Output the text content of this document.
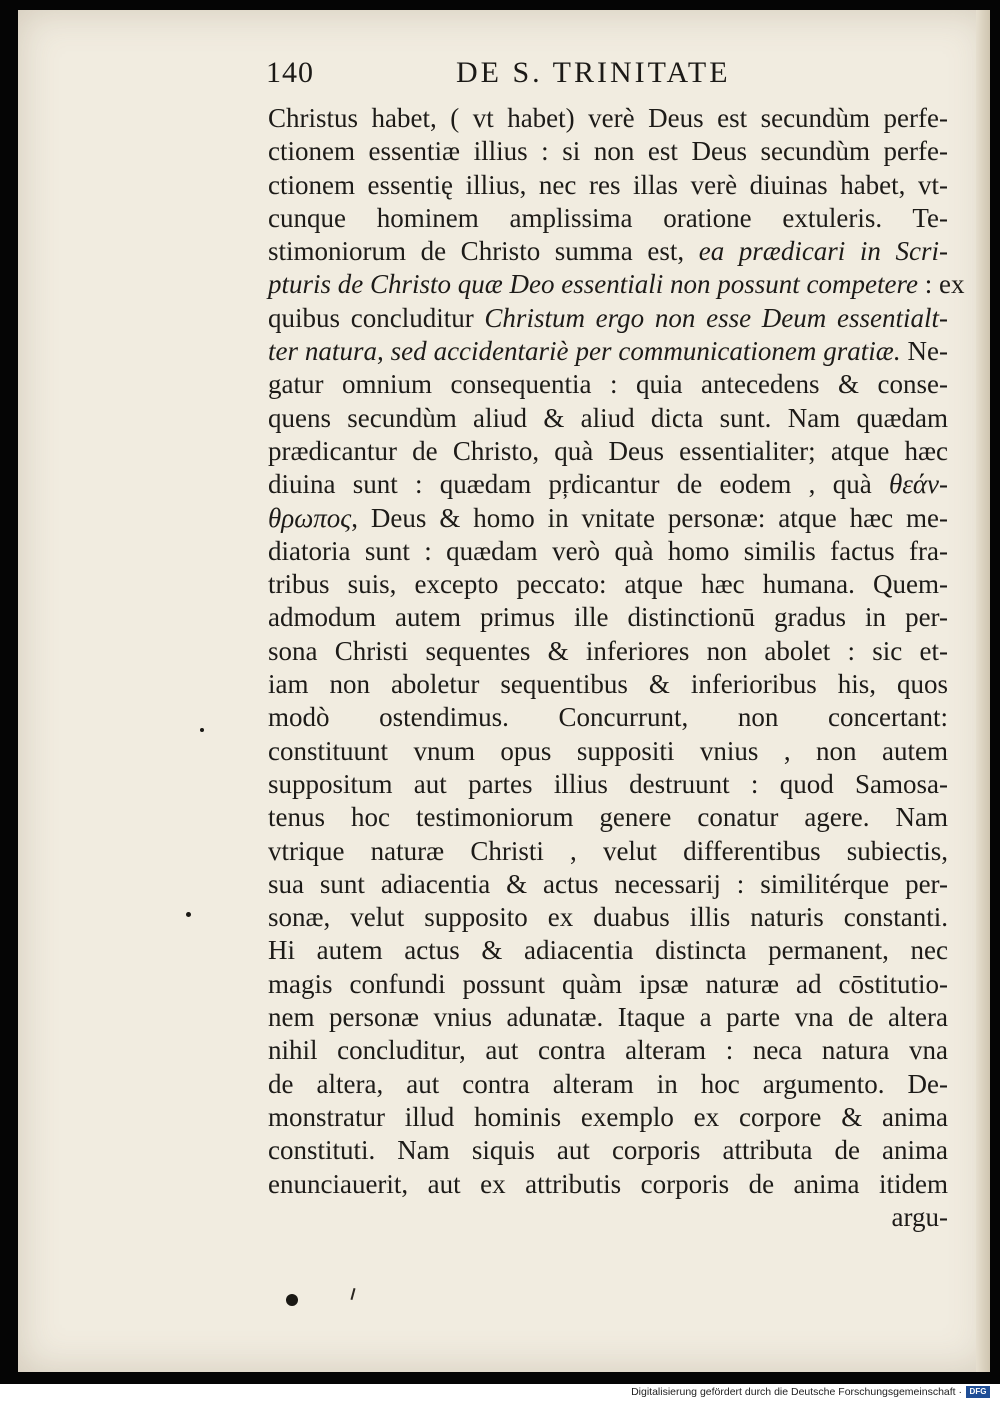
140	DE S. TRINITATE
Christus habet, ( vt habet) verè Deus est secundùm perfe-
ctionem essentiæ illius : si non est Deus secundùm perfe-
ctionem essentię illius, nec res illas verè diuinas habet, vt-
cunque hominem amplissima oratione extuleris. Te-
stimoniorum de Christo summa est, ea prædicari in Scri-
pturis de Christo quæ Deo essentiali non possunt competere : ex
quibus concluditur Christum ergo non esse Deum essentialt-
ter natura, sed accidentariè per communicationem gratiæ. Ne-
gatur omnium consequentia : quia antecedens & conse-
quens secundùm aliud & aliud dicta sunt. Nam quædam
prædicantur de Christo, quà Deus essentialiter; atque hæc
diuina sunt : quædam pŗdicantur de eodem , quà θεάν-
θρωπος, Deus & homo in vnitate personæ: atque hæc me-
diatoria sunt : quædam verò quà homo similis factus fra-
tribus suis, excepto peccato: atque hæc humana. Quem-
admodum autem primus ille distinctionū gradus in per-
sona Christi sequentes & inferiores non abolet : sic et-
iam non aboletur sequentibus & inferioribus his, quos
modò ostendimus. Concurrunt, non concertant:
constituunt vnum opus suppositi vnius , non autem
suppositum aut partes illius destruunt : quod Samosa-
tenus hoc testimoniorum genere conatur agere. Nam
vtrique naturæ Christi , velut differentibus subiectis,
sua sunt adiacentia & actus necessarij : similitérque per-
sonæ, velut supposito ex duabus illis naturis constanti.
Hi autem actus & adiacentia distincta permanent, nec
magis confundi possunt quàm ipsæ naturæ ad cōstitutio-
nem personæ vnius adunatæ. Itaque a parte vna de altera
nihil concluditur, aut contra alteram : neca natura vna
de altera, aut contra alteram in hoc argumento. De-
monstratur illud hominis exemplo ex corpore & anima
constituti. Nam siquis aut corporis attributa de anima
enunciauerit, aut ex attributis corporis de anima itidem
argu-
Digitalisierung gefördert durch die Deutsche Forschungsgemeinschaft · DFG
